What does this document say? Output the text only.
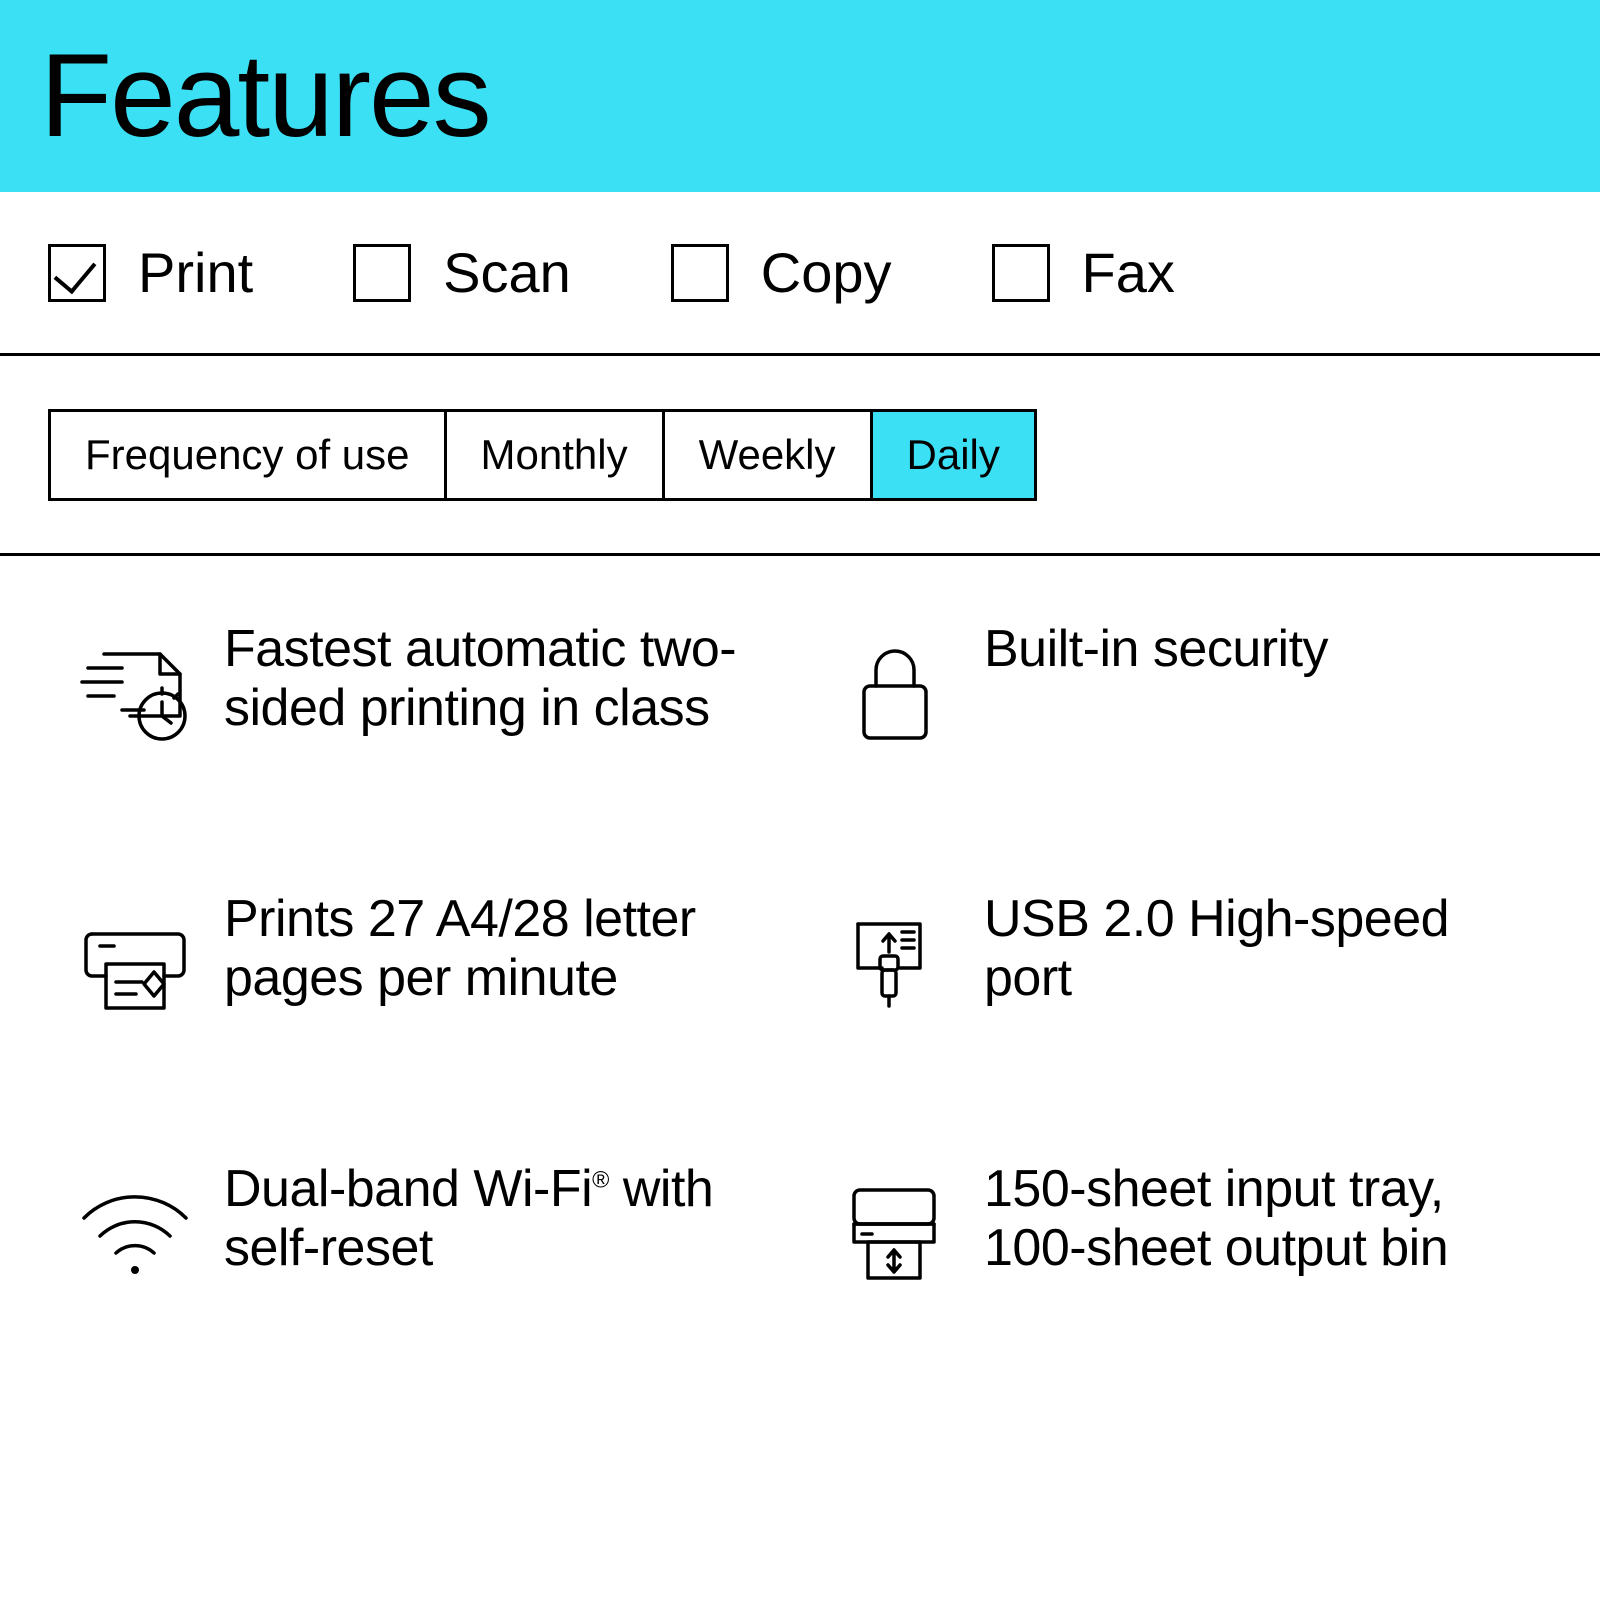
Features
Print	Scan	Copy	Fax
Frequency of use	Monthly	Weekly	Daily
Fastest automatic two-sided printing in class
Built-in security
Prints 27 A4/28 letter pages per minute
USB 2.0 High-speed port
Dual-band Wi-Fi® with self-reset
150-sheet input tray, 100-sheet output bin
